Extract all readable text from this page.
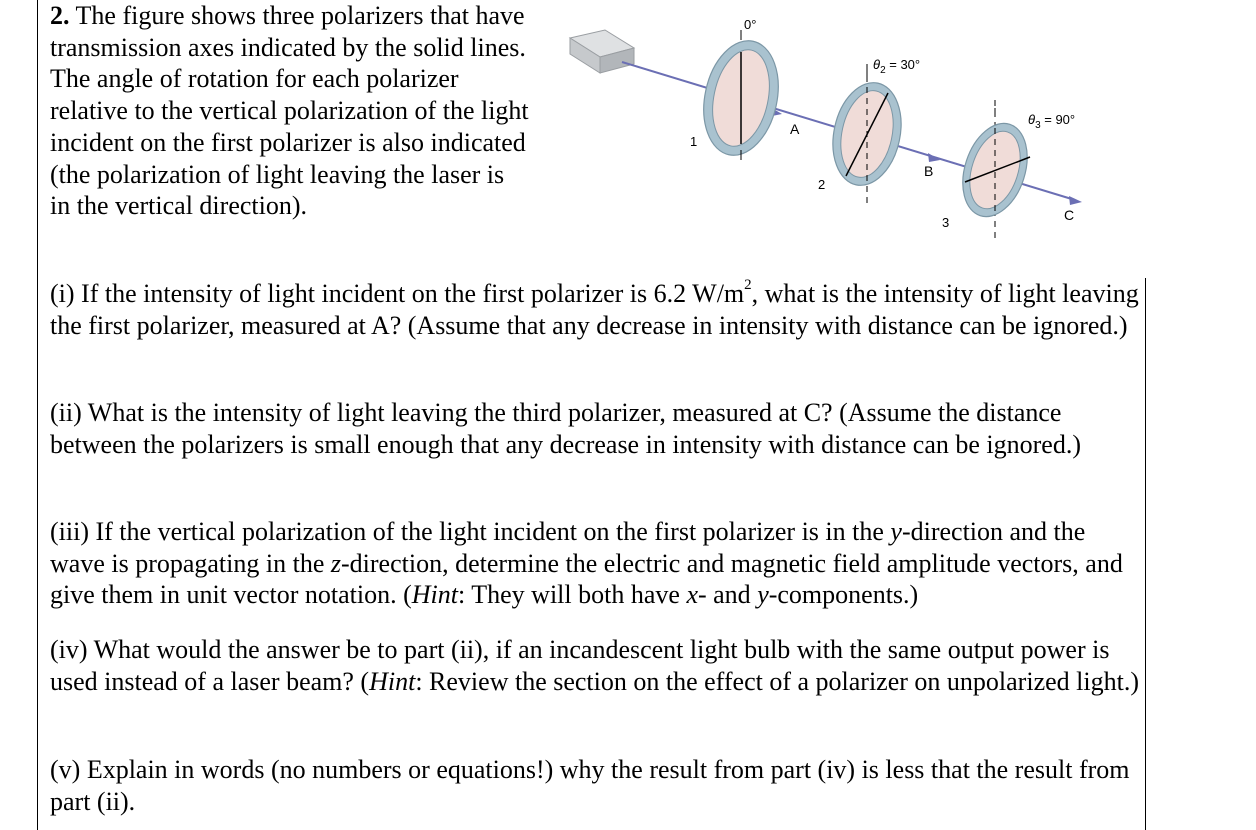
2. The figure shows three polarizers that have transmission axes indicated by the solid lines. The angle of rotation for each polarizer relative to the vertical polarization of the light incident on the first polarizer is also indicated (the polarization of light leaving the laser is in the vertical direction).

0°
$\theta_2 = 30^\circ$
$\theta_3 = 90^\circ$
1
2
3
A
B
C

(i) If the intensity of light incident on the first polarizer is 6.2 $W/m^2$, what is the intensity of light leaving the first polarizer, measured at A? (Assume that any decrease in intensity with distance can be ignored.)

(ii) What is the intensity of light leaving the third polarizer, measured at C? (Assume the distance between the polarizers is small enough that any decrease in intensity with distance can be ignored.)

(iii) If the vertical polarization of the light incident on the first polarizer is in the y-direction and the wave is propagating in the z-direction, determine the electric and magnetic field amplitude vectors, and give them in unit vector notation. (Hint: They will both have x- and y-components.)

(iv) What would the answer be to part (ii), if an incandescent light bulb with the same output power is used instead of a laser beam? (Hint: Review the section on the effect of a polarizer on unpolarized light.)

(v) Explain in words (no numbers or equations!) why the result from part (iv) is less that the result from part (ii).
